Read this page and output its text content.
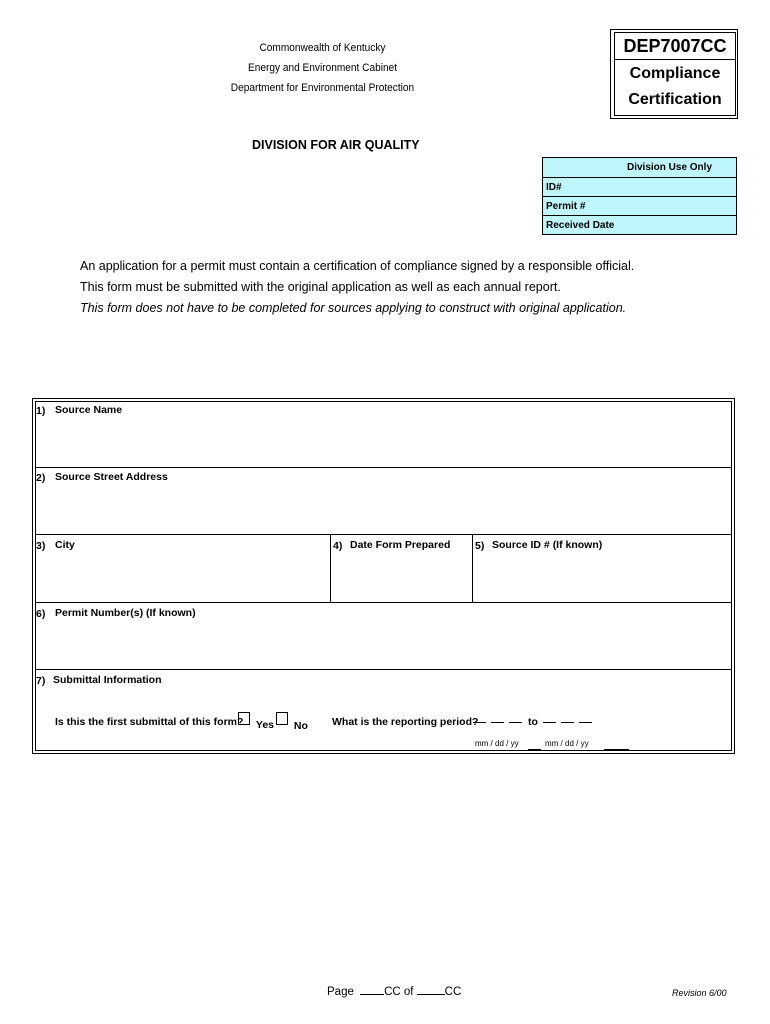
Commonwealth of Kentucky
Energy and Environment Cabinet
Department for Environmental Protection
DEP7007CC
Compliance
Certification
DIVISION FOR AIR QUALITY
Division Use Only
ID#
Permit #
Received Date
An application for a permit must contain a certification of compliance signed by a responsible official.
This form must be submitted with the original application as well as each annual report.
This form does not have to be completed for sources applying to construct with original application.
1) Source Name
2) Source Street Address
3) City	4) Date Form Prepared 5) Source ID # (If known)
6) Permit Number(s) (If known)
7) Submittal Information
Is this the first submittal of this form?	Yes	No What is the reporting period?	to
mm / dd / yy	mm / dd / yy
Page	CC of	CC	Revision 6/00
